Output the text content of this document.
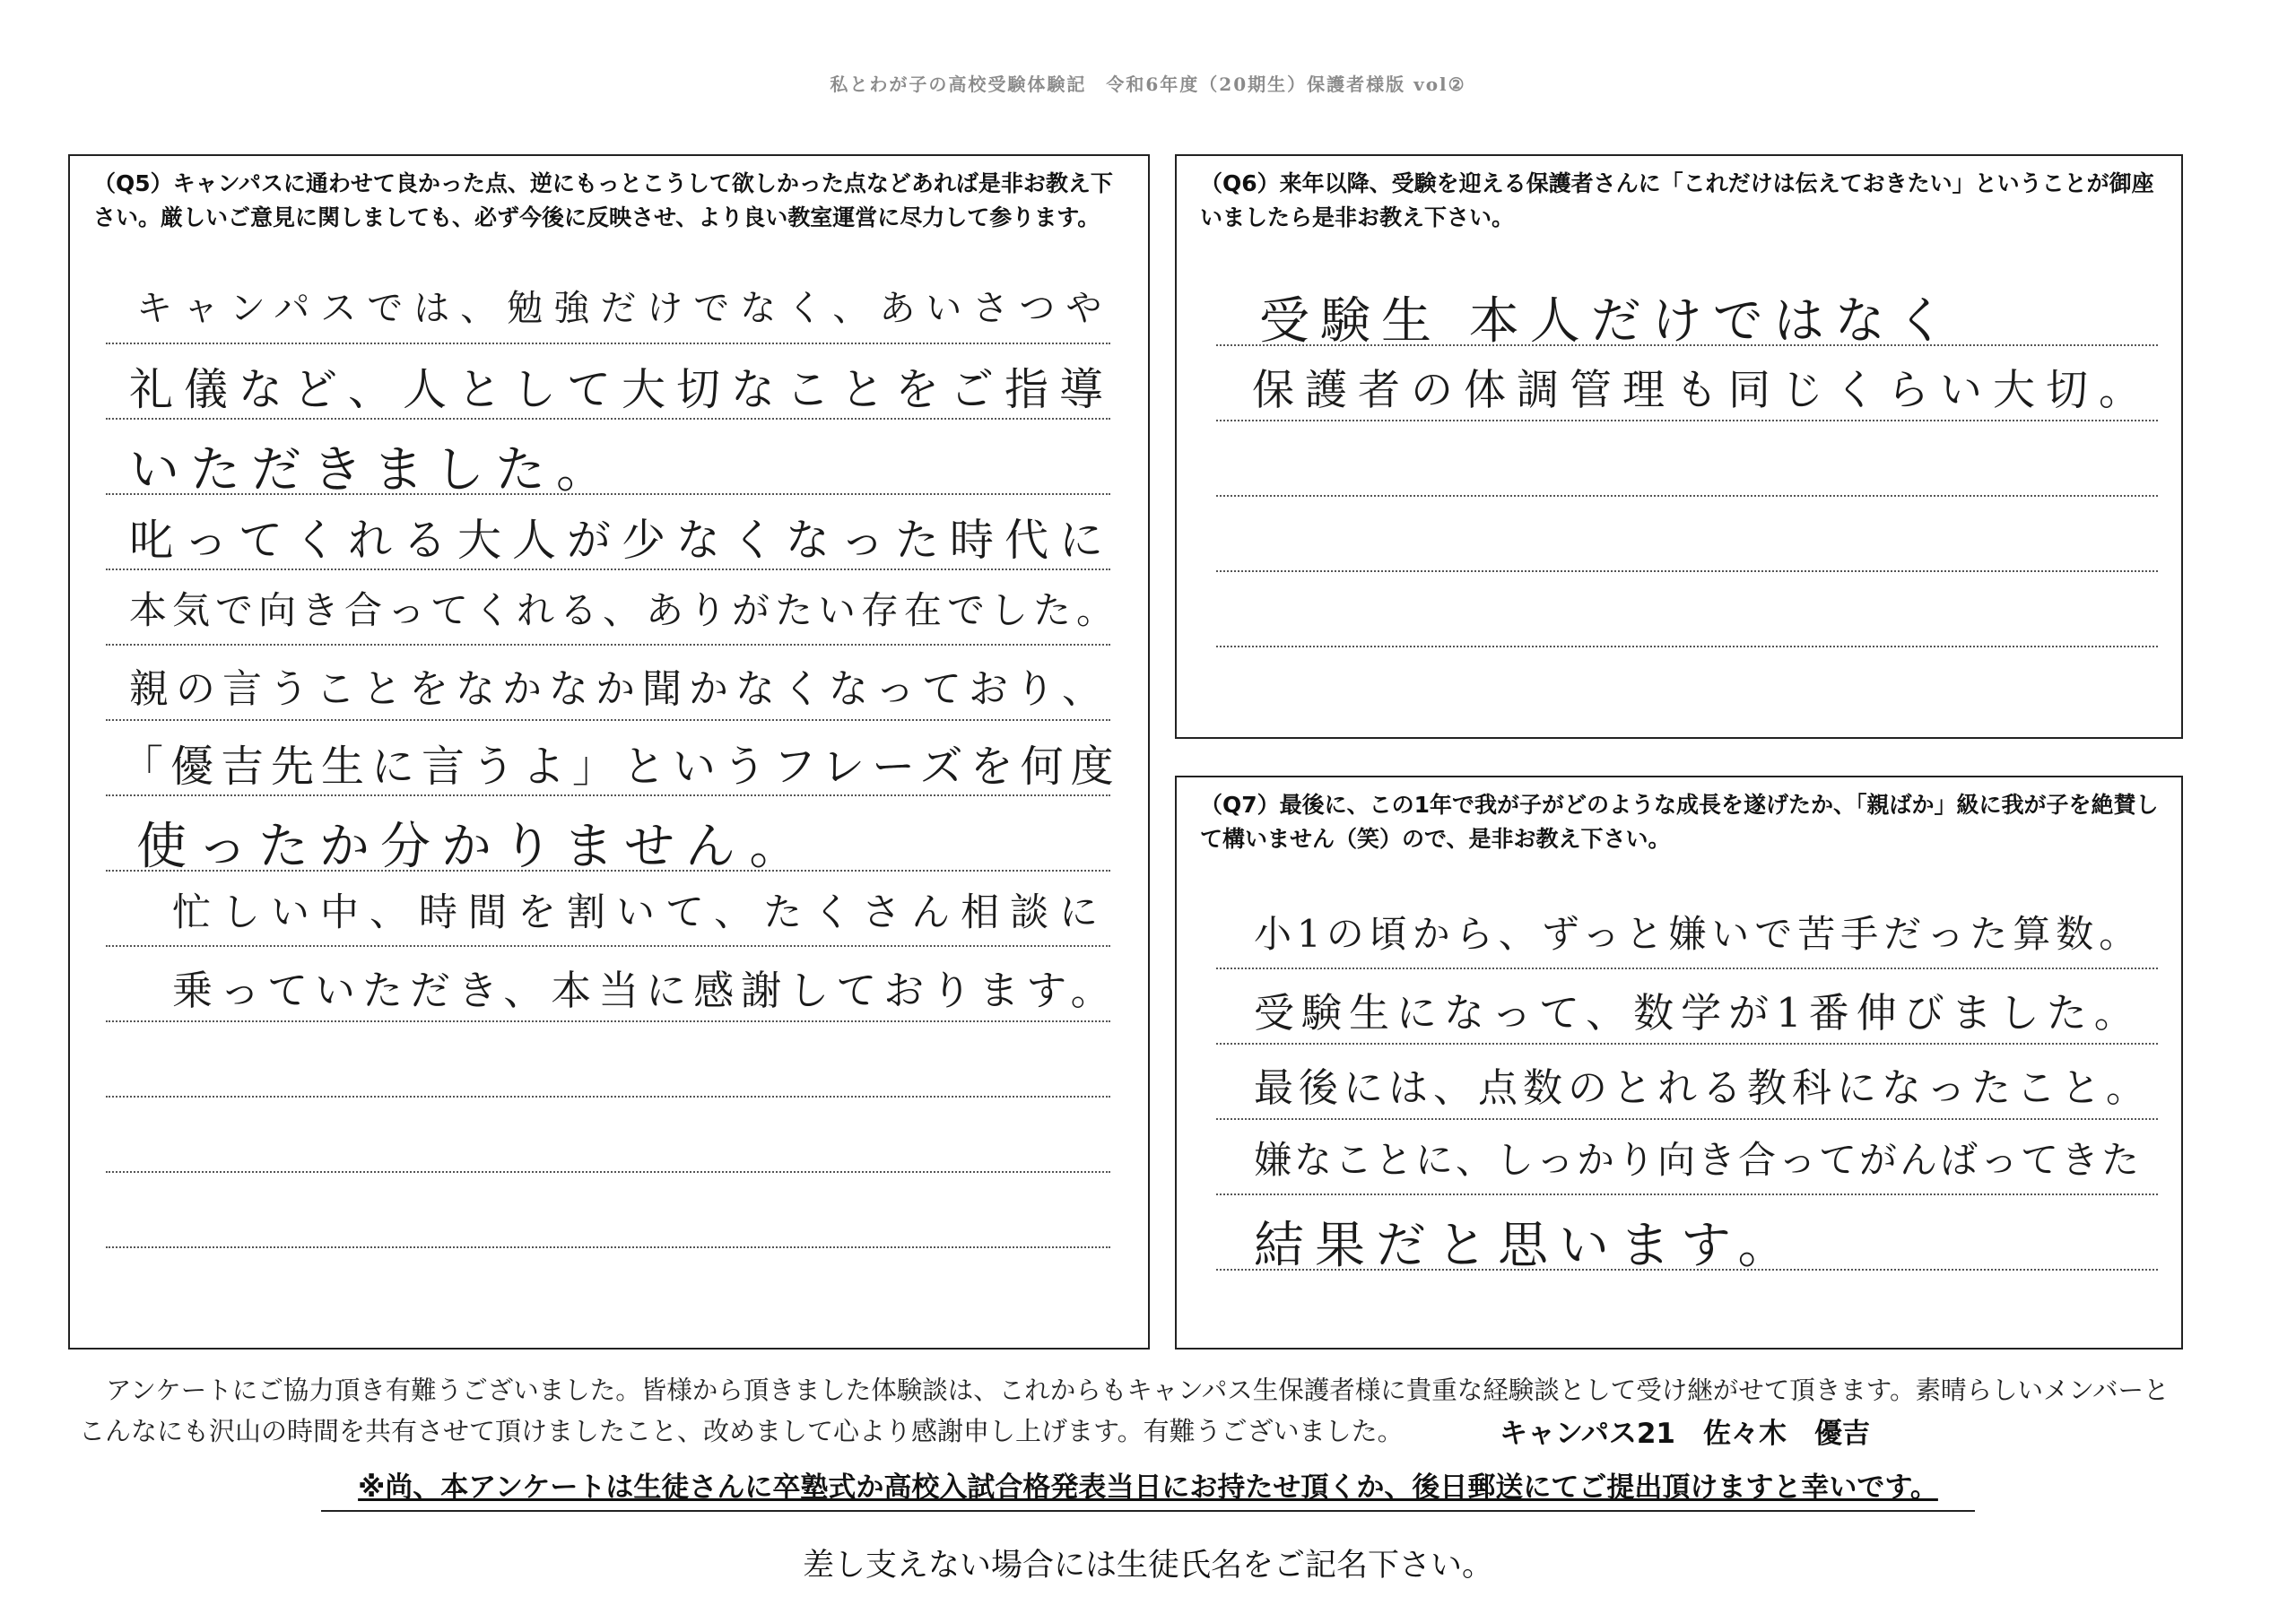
私とわが子の高校受験体験記　令和6年度（20期生）保護者様版 vol②
（Q5）キャンパスに通わせて良かった点、逆にもっとこうして欲しかった点などあれば是非お教え下さい。厳しいご意見に関しましても、必ず今後に反映させ、より良い教室運営に尽力して参ります。
キャンパスでは、勉強だけでなく、あいさつや
礼儀など、人として大切なことをご指導
いただきました。
叱ってくれる大人が少なくなった時代に
本気で向き合ってくれる、ありがたい存在でした。
親の言うことをなかなか聞かなくなっており、
「優吉先生に言うよ」というフレーズを何度
使ったか分かりません。
忙しい中、時間を割いて、たくさん相談に
乗っていただき、本当に感謝しております。
（Q6）来年以降、受験を迎える保護者さんに「これだけは伝えておきたい」ということが御座いましたら是非お教え下さい。
受験生 本人だけではなく
保護者の体調管理も同じくらい大切。
（Q7）最後に、この1年で我が子がどのような成長を遂げたか、「親ばか」級に我が子を絶賛して構いません（笑）ので、是非お教え下さい。
小1の頃から、ずっと嫌いで苦手だった算数。
受験生になって、数学が1番伸びました。
最後には、点数のとれる教科になったこと。
嫌なことに、しっかり向き合ってがんばってきた
結果だと思います。
アンケートにご協力頂き有難うございました。皆様から頂きました体験談は、これからもキャンパス生保護者様に貴重な経験談として受け継がせて頂きます。素晴らしいメンバーと
こんなにも沢山の時間を共有させて頂けましたこと、改めまして心より感謝申し上げます。有難うございました。	キャンパス21　佐々木　優吉
※尚、本アンケートは生徒さんに卒塾式か高校入試合格発表当日にお持たせ頂くか、後日郵送にてご提出頂けますと幸いです。
差し支えない場合には生徒氏名をご記名下さい。
